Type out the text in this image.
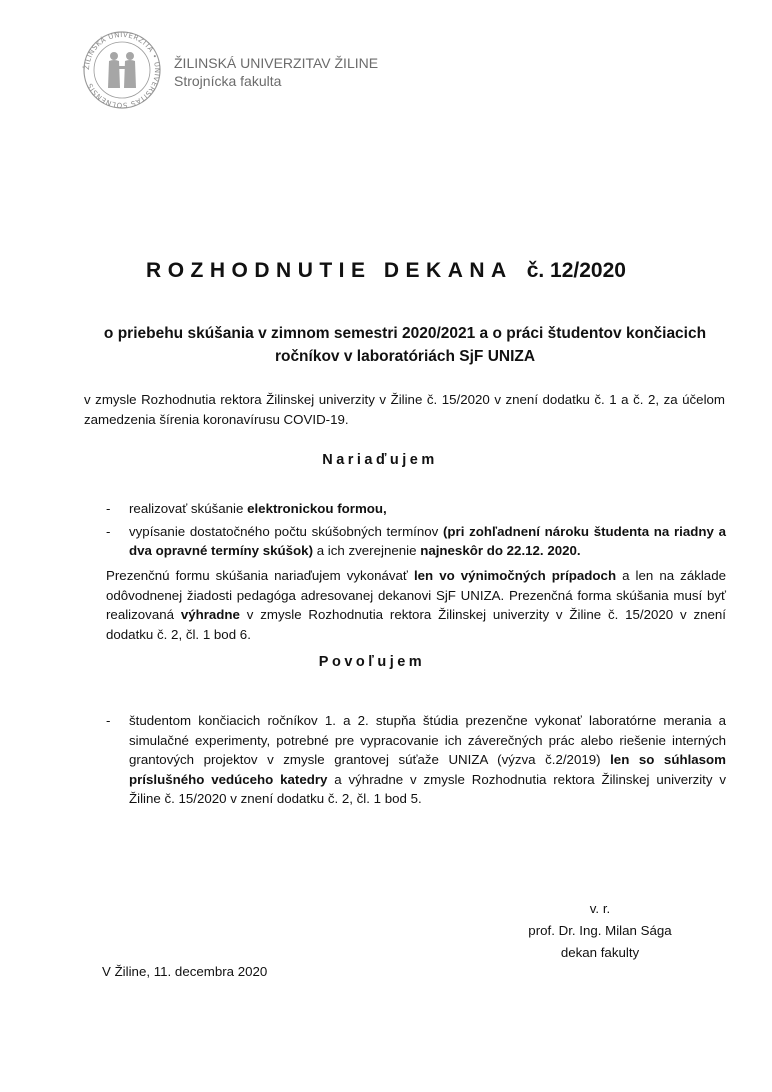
ŽILINSKÁ UNIVERZITA • UNIVERSITAS SOLNENSIS
ŽILINSKÁ UNIVERZITAV ŽILINE
Strojnícka fakulta
ROZHODNUTIE DEKANA č. 12/2020
o priebehu skúšania v zimnom semestri 2020/2021 a o práci študentov končiacich
ročníkov v laboratóriách SjF UNIZA
v zmysle Rozhodnutia rektora Žilinskej univerzity v Žiline č. 15/2020 v znení dodatku č. 1 a č. 2, za účelom zamedzenia šírenia koronavírusu COVID-19.
Nariaďujem
- realizovať skúšanie elektronickou formou,
- vypísanie dostatočného počtu skúšobných termínov (pri zohľadnení nároku študenta na riadny a dva opravné termíny skúšok) a ich zverejnenie najneskôr do 22.12. 2020.
Prezenčnú formu skúšania nariaďujem vykonávať len vo výnimočných prípadoch a len na základe odôvodnenej žiadosti pedagóga adresovanej dekanovi SjF UNIZA. Prezenčná forma skúšania musí byť realizovaná výhradne v zmysle Rozhodnutia rektora Žilinskej univerzity v Žiline č. 15/2020 v znení dodatku č. 2, čl. 1 bod 6.
Povoľujem
- študentom končiacich ročníkov 1. a 2. stupňa štúdia prezenčne vykonať laboratórne merania a simulačné experimenty, potrebné pre vypracovanie ich záverečných prác alebo riešenie interných grantových projektov v zmysle grantovej súťaže UNIZA (výzva č.2/2019) len so súhlasom príslušného vedúceho katedry a výhradne v zmysle Rozhodnutia rektora Žilinskej univerzity v Žiline č. 15/2020 v znení dodatku č. 2, čl. 1 bod 5.
v. r.
prof. Dr. Ing. Milan Sága
dekan fakulty
V Žiline, 11. decembra 2020
